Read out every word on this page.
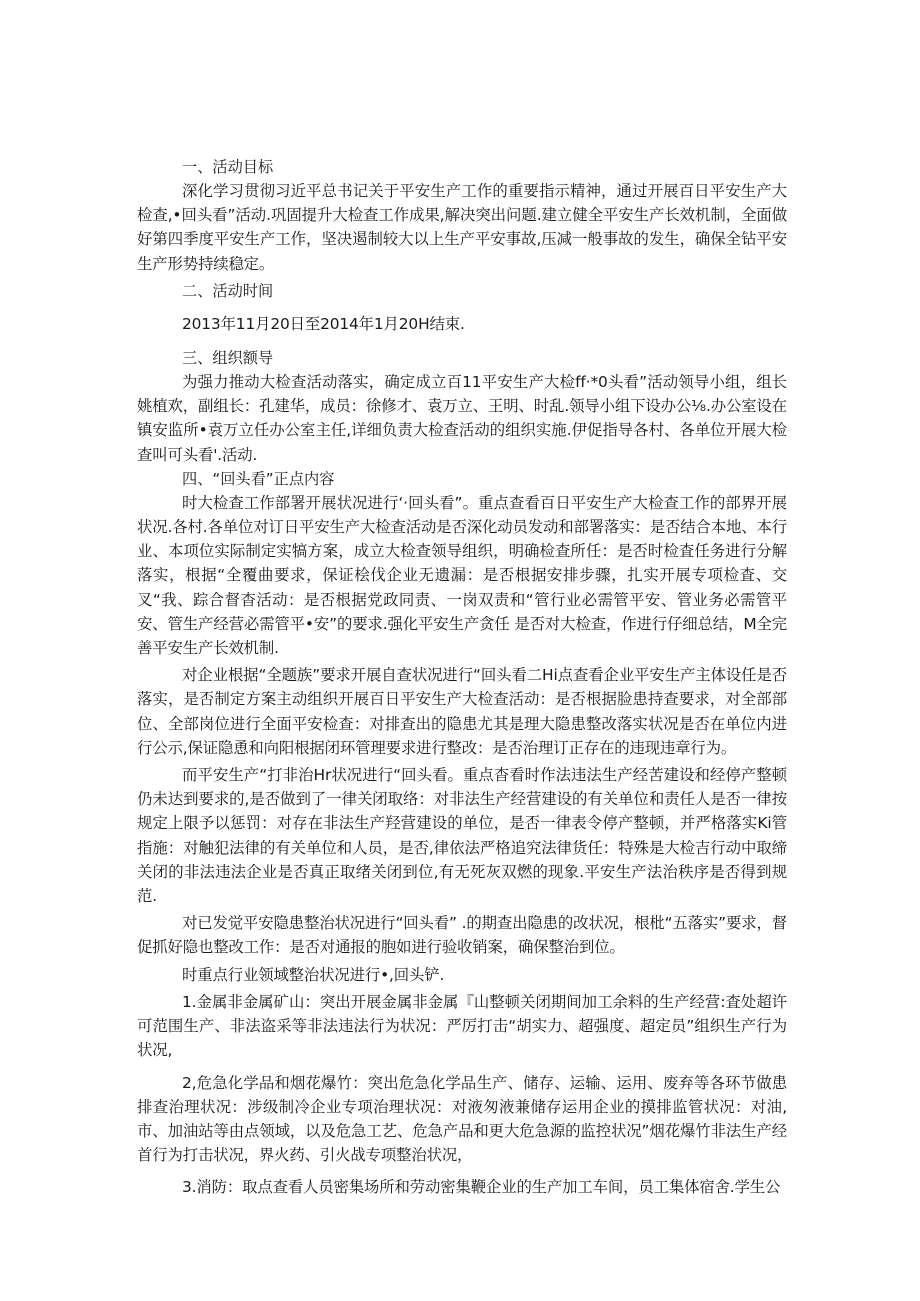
一、活动目标

深化学习贯彻习近平总书记关于平安生产工作的重要指示精神，通过开展百日平安生产大检查,•回头看”活动.巩固提升大检查工作成果,解决突出问题.建立健全平安生产长效机制，全面做好第四季度平安生产工作，坚决遏制较大以上生产平安事故,压减一般事故的发生，确保全钻平安生产形势持续稳定。

二、活动时间

2013年11月20日至2014年1月20H结束.

三、组织额导

为强力推动大检查活动落实，确定成立百11平安生产大检ff·*0头看”活动领导小组，组长姚植欢，副组长：孔建华，成员：徐修才、袁万立、王明、时乱.领导小组下设办公⅛.办公室设在镇安监所•袁万立任办公室主任,详细负责大检查活动的组织实施.伊促指导各村、各单位开展大检查叫可头看'.活动.

四、“回头看”正点内容

时大检查工作部署开展状况进行‘·回头看”。重点查看百日平安生产大检查工作的部界开展状况.各村.各单位对订日平安生产大检查活动是否深化动员发动和部署落实：是否结合本地、本行业、本项位实际制定实犒方案，成立大检查领导组织，明确检查所任：是否时检査任务进行分解落实，根据“全覆曲要求，保证桧伐企业无遗漏：是否根据安排步骤，扎实开展专项检査、交叉“我、踪合督杳活动：是否根据党政同责、一岗双责和“管行业必需管平安、管业务必需管平安、管生产经营必需管平•安”的要求.强化平安生产贪任 是否对大检查，作进行仔细总结，M全完善平安生产长效机制.

对企业根据“全题族”要求开展自查状况进行“回头看二Hi点查看企业平安生产主体设任是否落实，是否制定方案主动组织开展百日平安生产大检查活动：是否根据脸患持查要求，对全部部位、全部岗位进行全面平安检查：对排查出的隐患尤其是理大隐患整改落实状况是否在单位内进行公示,保证隐恿和向阳根据闭环管理要求进行整改：是否治理订正存在的违现违章行为。

而平安生产“打非治Hr状况进行“回头看。重点杳看时作法违法生产经苦建设和经停产整顿仍未达到要求的,是否做到了一律关闭取络：对非法生产经营建设的有关单位和责任人是否一律按规定上限予以惩罚：对存在非法生产羟营建设的单位，是否一律表令停产整顿，并严格落实Ki管指施：对触犯法律的有关单位和人员，是否,律依法严格追究法律货任：特殊是大检吉行动中取缔关闭的非法违法企业是否真正取绪关闭到位,有无死灰双燃的现象.平安生产法治秩序是否得到规范.

对已发觉平安隐患整治状况进行“回头看” .的期查出隐患的改状况，根枇“五落实”要求，督促抓好隐也整改工作：是否对通报的胞如进行验收销案，确保整治到位。

时重点行业领域整治状况进行•,回头铲.

1.金属非金属矿山：突出开展金属非金属『山整顿关闭期间加工余料的生产经营:査处超许可范围生产、非法盗采等非法违法行为状况：严厉打击“胡实力、超强度、超定员”组织生产行为状况,

2,危急化学品和烟花爆竹：突出危急化学品生产、储存、运输、运用、废弃等各环节做患排查治理状况：涉级制冷企业专项治理状况：对液匆液兼储存运用企业的摸排监管状况：对油,市、加油站等由点领域，以及危急工艺、危急产品和更大危急源的监控状况”烟花爆竹非法生产经首行为打击状况，界火药、引火战专项整治状况，

3.消防：取点查看人员密集场所和劳动密集鞭企业的生产加工车间，员工集体宿舍.学生公
